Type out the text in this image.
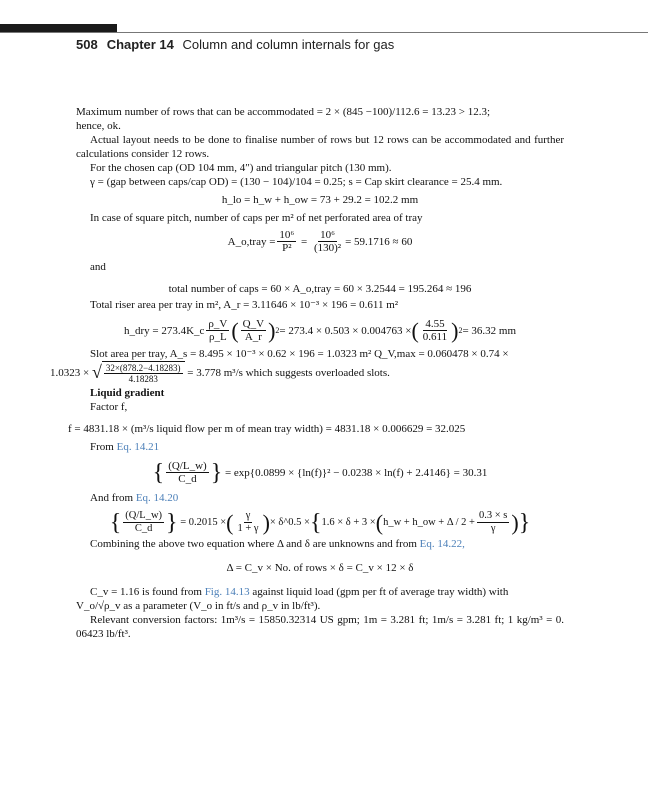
508 Chapter 14 Column and column internals for gas

Maximum number of rows that can be accommodated = 2 × (845 −100)/112.6 = 13.23 > 12.3;
hence, ok.

Actual layout needs to be done to finalise number of rows but 12 rows can be accommodated and further calculations consider 12 rows.

For the chosen cap (OD 104 mm, 4″) and triangular pitch (130 mm).

γ = (gap between caps/cap OD) = (130 − 104)/104 = 0.25; s = Cap skirt clearance = 25.4 mm.

h_lo = h_w + h_ow = 73 + 29.2 = 102.2 mm

In case of square pitch, number of caps per m² of net perforated area of tray

A_o,tray = $\frac{\text{10⁶}}{\text{P²}} = \frac{\text{10⁶}}{\text{(130)²}} = 59.1716 \approx 60$

and

total number of caps = 60 × A_o,tray = 60 × 3.2544 = 195.264 ≈ 196

Total riser area per tray in m², A_r = 3.11646 × 10⁻³ × 196 = 0.611 m²

h_dry = 273.4K_c $\frac{\rho\_V}{\rho\_L}$ ( $\frac{Q\_V}{A\_r}$ ) 2 = 273.4 × 0.503 × 0.004763 × ( $\frac{4.55}{0.611}$ ) 2 = 36.32 mm

Slot area per tray, A_s = 8.495 × 10⁻³ × 0.62 × 196 = 1.0323 m² Q_V,max = 0.060478 × 0.74 ×

1.0323 ×
√ $\frac{32\times(878.2-4.18283)}{4.18283}$
= 3.778 m³/s which suggests overloaded slots.

Liquid gradient

Factor f,

f = 4831.18 × (m³/s liquid flow per m of mean tray width) = 4831.18 × 0.006629 = 32.025

From Eq. 14.21

{ $\frac{(Q/L\_w)}{C\_d}$ }
= exp{0.0899 × {ln(f)}² − 0.0238 × ln(f) + 2.4146} = 30.31

And from Eq. 14.20

{ $\frac{(Q/L\_w)}{C\_d}$ }
= 0.2015 × ( $\frac{\gamma}{1 + \gamma}$ ) × δ^0.5 × { 1.6 × δ + 3 × ( h_w + h_ow + $\Delta / 2 + \frac{0.3 \times s}{\gamma}$ ) }

Combining the above two equation where Δ and δ are unknowns and from Eq. 14.22,

Δ = C_v × No. of rows × δ = C_v × 12 × δ

C_v = 1.16 is found from Fig. 14.13 against liquid load (gpm per ft of average tray width) with
V_o/√ρ_v as a parameter (V_o in ft/s and ρ_v in lb/ft³).

Relevant conversion factors: 1m³/s = 15850.32314 US gpm; 1m = 3.281 ft; 1m/s = 3.281 ft; 1 kg/m³ = 0. 06423 lb/ft³.
